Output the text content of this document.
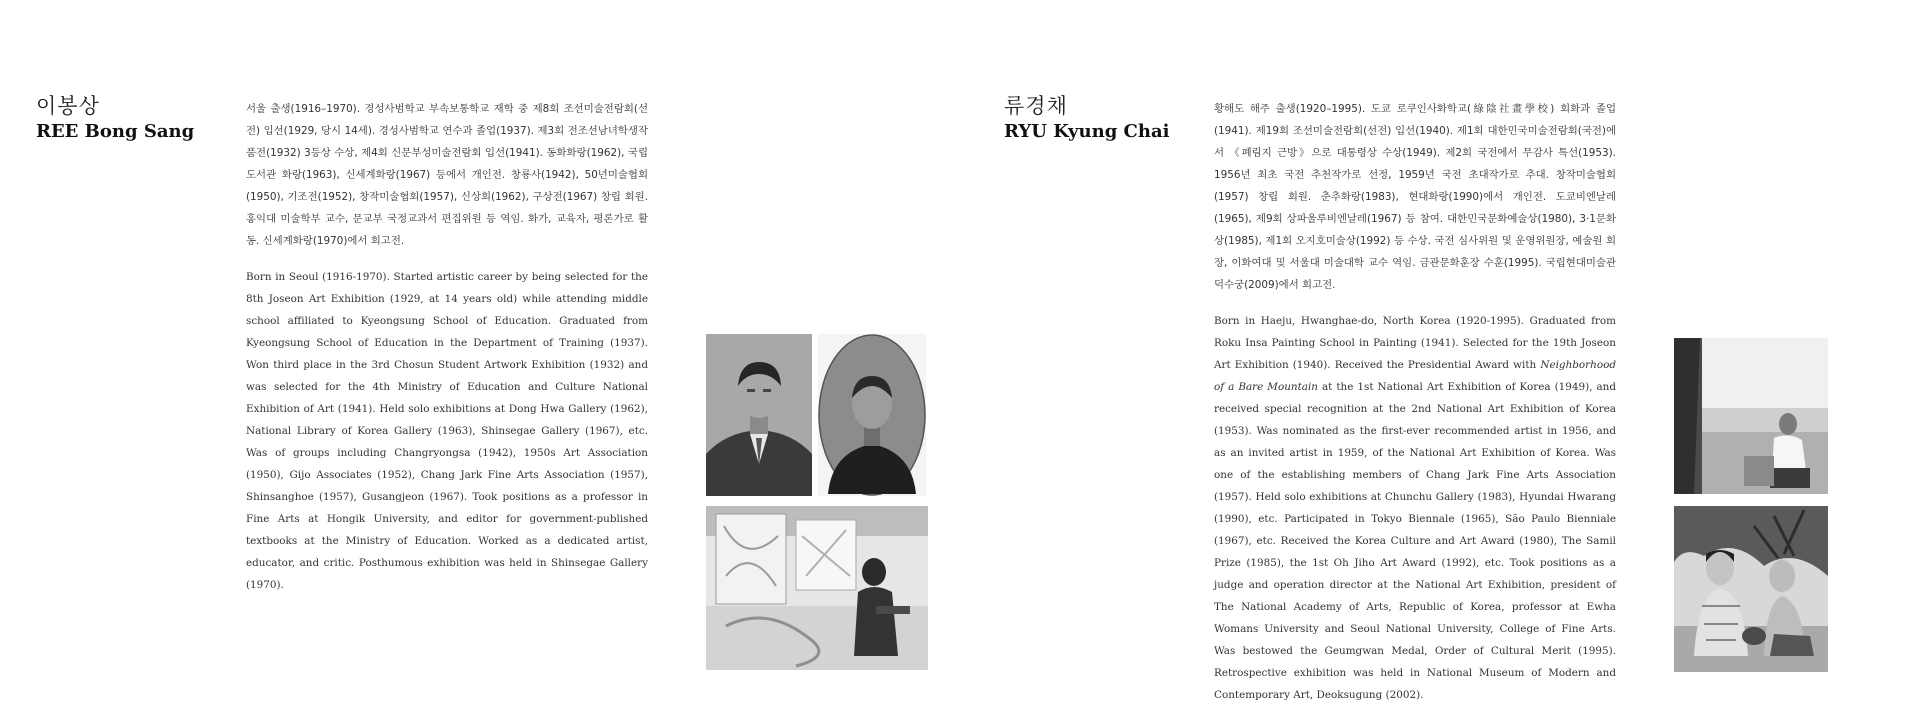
이봉상
REE Bong Sang

서울 출생(1916–1970). 경성사범학교 부속보통학교 재학 중 제8회 조선미술전람회(선전) 입선(1929, 당시 14세). 경성사범학교 연수과 졸업(1937). 제3회 전조선남녀학생작품전(1932) 3등상 수상, 제4회 신문부성미술전람회 입선(1941). 동화화랑(1962), 국립도서관 화랑(1963), 신세계화랑(1967) 등에서 개인전. 창룡사(1942), 50년미술협회(1950), 기조전(1952), 창작미술협회(1957), 신상회(1962), 구상전(1967) 창립 회원. 홍익대 미술학부 교수, 문교부 국정교과서 편집위원 등 역임. 화가, 교육자, 평론가로 활동. 신세계화랑(1970)에서 회고전.

Born in Seoul (1916-1970). Started artistic career by being selected for the 8th Joseon Art Exhibition (1929, at 14 years old) while attending middle school affiliated to Kyeongsung School of Education. Graduated from Kyeongsung School of Education in the Department of Training (1937). Won third place in the 3rd Chosun Student Artwork Exhibition (1932) and was selected for the 4th Ministry of Education and Culture National Exhibition of Art (1941). Held solo exhibitions at Dong Hwa Gallery (1962), National Library of Korea Gallery (1963), Shinsegae Gallery (1967), etc. Was of groups including Changryongsa (1942), 1950s Art Association (1950), Gijo Associates (1952), Chang Jark Fine Arts Association (1957), Shinsanghoe (1957), Gusangjeon (1967). Took positions as a professor in Fine Arts at Hongik University, and editor for government-published textbooks at the Ministry of Education. Worked as a dedicated artist, educator, and critic. Posthumous exhibition was held in Shinsegae Gallery (1970).

류경채
RYU Kyung Chai

황해도 해주 출생(1920–1995). 도쿄 로쿠인사화학교(綠陰社畫學校) 회화과 졸업(1941). 제19회 조선미술전람회(선전) 입선(1940). 제1회 대한민국미술전람회(국전)에서 《폐림지 근방》으로 대통령상 수상(1949). 제2회 국전에서 무감사 특선(1953). 1956년 최초 국전 추천작가로 선정, 1959년 국전 초대작가로 추대. 창작미술협회(1957) 창립 회원. 춘추화랑(1983), 현대화랑(1990)에서 개인전. 도쿄비엔날레(1965), 제9회 상파울루비엔날레(1967) 등 참여. 대한민국문화예술상(1980), 3·1문화상(1985), 제1회 오지호미술상(1992) 등 수상. 국전 심사위원 및 운영위원장, 예술원 회장, 이화여대 및 서울대 미술대학 교수 역임. 금관문화훈장 수훈(1995). 국립현대미술관 덕수궁(2009)에서 회고전.

Born in Haeju, Hwanghae-do, North Korea (1920-1995). Graduated from Roku Insa Painting School in Painting (1941). Selected for the 19th Joseon Art Exhibition (1940). Received the Presidential Award with Neighborhood of a Bare Mountain at the 1st National Art Exhibition of Korea (1949), and received special recognition at the 2nd National Art Exhibition of Korea (1953). Was nominated as the first-ever recommended artist in 1956, and as an invited artist in 1959, of the National Art Exhibition of Korea. Was one of the establishing members of Chang Jark Fine Arts Association (1957). Held solo exhibitions at Chunchu Gallery (1983), Hyundai Hwarang (1990), etc. Participated in Tokyo Biennale (1965), São Paulo Bienniale (1967), etc. Received the Korea Culture and Art Award (1980), The Samil Prize (1985), the 1st Oh Jiho Art Award (1992), etc. Took positions as a judge and operation director at the National Art Exhibition, president of The National Academy of Arts, Republic of Korea, professor at Ewha Womans University and Seoul National University, College of Fine Arts. Was bestowed the Geumgwan Medal, Order of Cultural Merit (1995). Retrospective exhibition was held in National Museum of Modern and Contemporary Art, Deoksugung (2002).
